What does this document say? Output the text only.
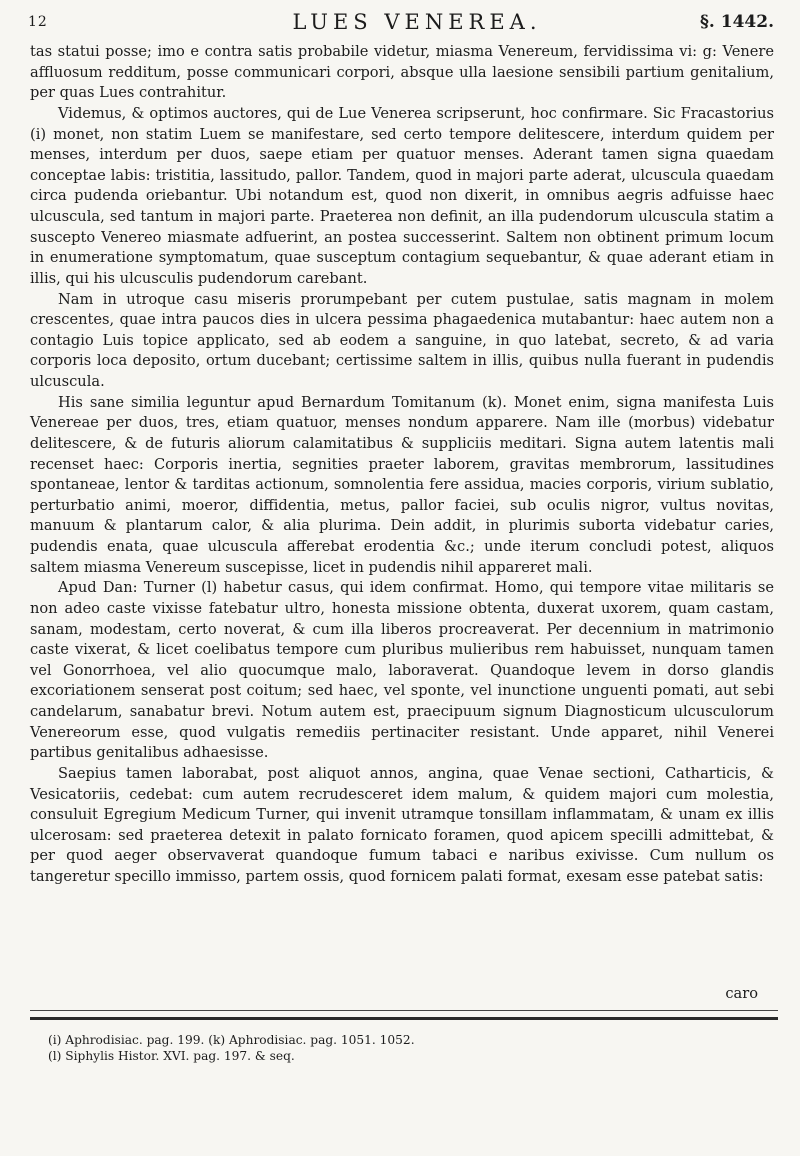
12	LUES VENEREA.	§. 1442.

tas statui posse; imo e contra satis probabile videtur, miasma Venereum, fervidissima vi: g: Venere affluosum redditum, posse communicari corpori, absque ulla laesione sensibili partium genitalium, per quas Lues contrahitur.

Videmus, & optimos auctores, qui de Lue Venerea scripserunt, hoc confirmare. Sic Fracastorius (i) monet, non statim Luem se manifestare, sed certo tempore delitescere, interdum quidem per menses, interdum per duos, saepe etiam per quatuor menses. Aderant tamen signa quaedam conceptae labis: tristitia, lassitudo, pallor. Tandem, quod in majori parte aderat, ulcuscula quaedam circa pudenda oriebantur. Ubi notandum est, quod non dixerit, in omnibus aegris adfuisse haec ulcuscula, sed tantum in majori parte. Praeterea non definit, an illa pudendorum ulcuscula statim a suscepto Venereo miasmate adfuerint, an postea successerint. Saltem non obtinent primum locum in enumeratione symptomatum, quae susceptum contagium sequebantur, & quae aderant etiam in illis, qui his ulcusculis pudendorum carebant.

Nam in utroque casu miseris prorumpebant per cutem pustulae, satis magnam in molem crescentes, quae intra paucos dies in ulcera pessima phagaedenica mutabantur: haec autem non a contagio Luis topice applicato, sed ab eodem a sanguine, in quo latebat, secreto, & ad varia corporis loca deposito, ortum ducebant; certissime saltem in illis, quibus nulla fuerant in pudendis ulcuscula.

His sane similia leguntur apud Bernardum Tomitanum (k). Monet enim, signa manifesta Luis Venereae per duos, tres, etiam quatuor, menses nondum apparere. Nam ille (morbus) videbatur delitescere, & de futuris aliorum calamitatibus & suppliciis meditari. Signa autem latentis mali recenset haec: Corporis inertia, segnities praeter laborem, gravitas membrorum, lassitudines spontaneae, lentor & tarditas actionum, somnolentia fere assidua, macies corporis, virium sublatio, perturbatio animi, moeror, diffidentia, metus, pallor faciei, sub oculis nigror, vultus novitas, manuum & plantarum calor, & alia plurima. Dein addit, in plurimis suborta videbatur caries, pudendis enata, quae ulcuscula afferebat erodentia &c.; unde iterum concludi potest, aliquos saltem miasma Venereum suscepisse, licet in pudendis nihil appareret mali.

Apud Dan: Turner (l) habetur casus, qui idem confirmat. Homo, qui tempore vitae militaris se non adeo caste vixisse fatebatur ultro, honesta missione obtenta, duxerat uxorem, quam castam, sanam, modestam, certo noverat, & cum illa liberos procreaverat. Per decennium in matrimonio caste vixerat, & licet coelibatus tempore cum pluribus mulieribus rem habuisset, nunquam tamen vel Gonorrhoea, vel alio quocumque malo, laboraverat. Quandoque levem in dorso glandis excoriationem senserat post coitum; sed haec, vel sponte, vel inunctione unguenti pomati, aut sebi candelarum, sanabatur brevi. Notum autem est, praecipuum signum Diagnosticum ulcusculorum Venereorum esse, quod vulgatis remediis pertinaciter resistant. Unde apparet, nihil Venerei partibus genitalibus adhaesisse.

Saepius tamen laborabat, post aliquot annos, angina, quae Venae sectioni, Catharticis, & Vesicatoriis, cedebat: cum autem recrudesceret idem malum, & quidem majori cum molestia, consuluit Egregium Medicum Turner, qui invenit utramque tonsillam inflammatam, & unam ex illis ulcerosam: sed praeterea detexit in palato fornicato foramen, quod apicem specilli admittebat, & per quod aeger observaverat quandoque fumum tabaci e naribus exivisse. Cum nullum os tangeretur specillo immisso, partem ossis, quod fornicem palati format, exesam esse patebat satis:

caro
(i) Aphrodisiac. pag. 199. (k) Aphrodisiac. pag. 1051. 1052.
(l) Siphylis Histor. XVI. pag. 197. & seq.
